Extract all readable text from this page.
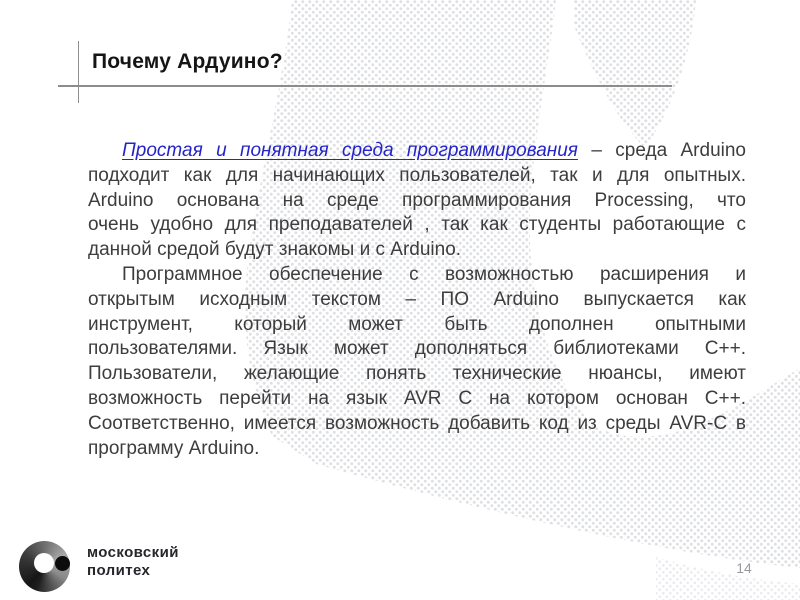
Почему Ардуино?
Простая и понятная среда программирования – среда Arduino
подходит как для начинающих пользователей, так и для опытных.
Arduino основана на среде программирования Processing, что
очень удобно для преподавателей , так как студенты работающие с
данной средой будут знакомы и с Arduino.
Программное обеспечение с возможностью расширения и
открытым исходным текстом – ПО Arduino выпускается как
инструмент, который может быть дополнен опытными
пользователями. Язык может дополняться библиотеками C++.
Пользователи, желающие понять технические нюансы, имеют
возможность перейти на язык AVR C на котором основан C++.
Соответственно, имеется возможность добавить код из среды AVR-C в
программу Arduino.
московский
политех	14
